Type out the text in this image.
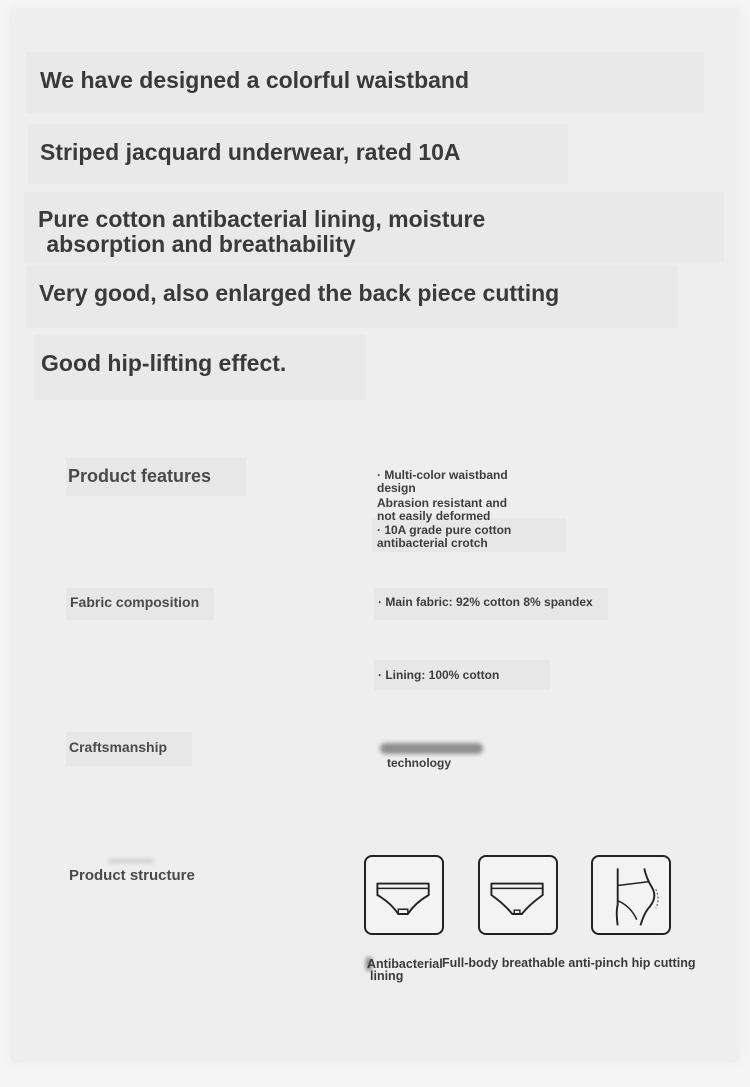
We have designed a colorful waistband
Striped jacquard underwear, rated 10A
Pure cotton antibacterial lining, moisture
absorption and breathability
Very good, also enlarged the back piece cutting
Good hip-lifting effect.

Product features	· Multi-color waistband
design

Abrasion resistant and
not easily deformed

· 10A grade pure cotton
antibacterial crotch

Fabric composition	· Main fabric: 92% cotton 8% spandex

· Lining: 100% cotton

Craftsmanship

technology

Product structure

Antibacterial

lining

Full-body breathable anti-pinch hip cutting
